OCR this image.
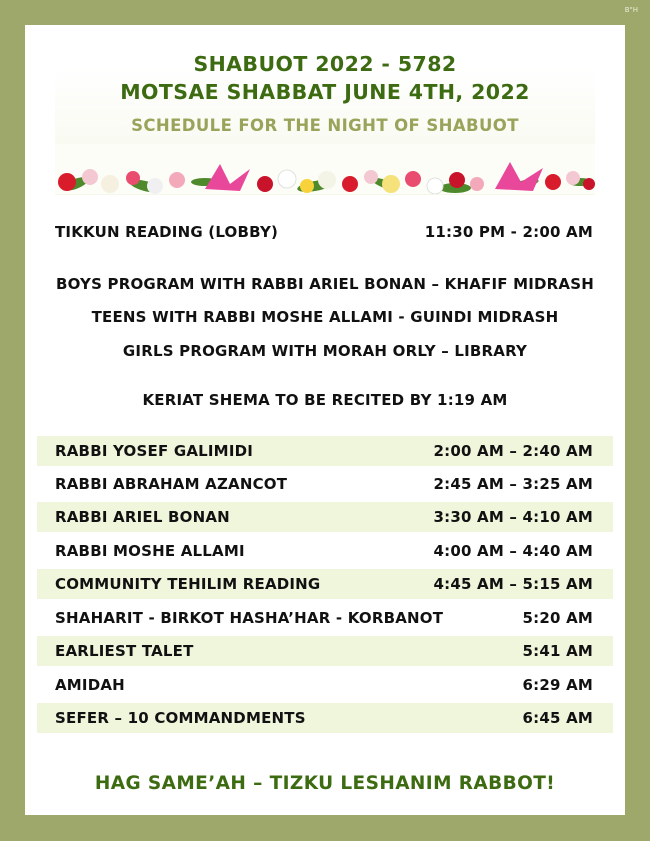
B"H
SHABUOT 2022 - 5782
MOTSAE SHABBAT JUNE 4TH, 2022
SCHEDULE FOR THE NIGHT OF SHABUOT
TIKKUN READING (LOBBY)	11:30 PM - 2:00 AM
BOYS PROGRAM WITH RABBI ARIEL BONAN – KHAFIF MIDRASH
TEENS WITH RABBI MOSHE ALLAMI - GUINDI MIDRASH
GIRLS PROGRAM WITH MORAH ORLY – LIBRARY
KERIAT SHEMA TO BE RECITED BY 1:19 AM
RABBI YOSEF GALIMIDI	2:00 AM – 2:40 AM
RABBI ABRAHAM AZANCOT	2:45 AM – 3:25 AM
RABBI ARIEL BONAN	3:30 AM – 4:10 AM
RABBI MOSHE ALLAMI	4:00 AM – 4:40 AM
COMMUNITY TEHILIM READING	4:45 AM – 5:15 AM
SHAHARIT - BIRKOT HASHA’HAR - KORBANOT	5:20 AM
EARLIEST TALET	5:41 AM
AMIDAH	6:29 AM
SEFER – 10 COMMANDMENTS	6:45 AM
HAG SAME’AH – TIZKU LESHANIM RABBOT!
